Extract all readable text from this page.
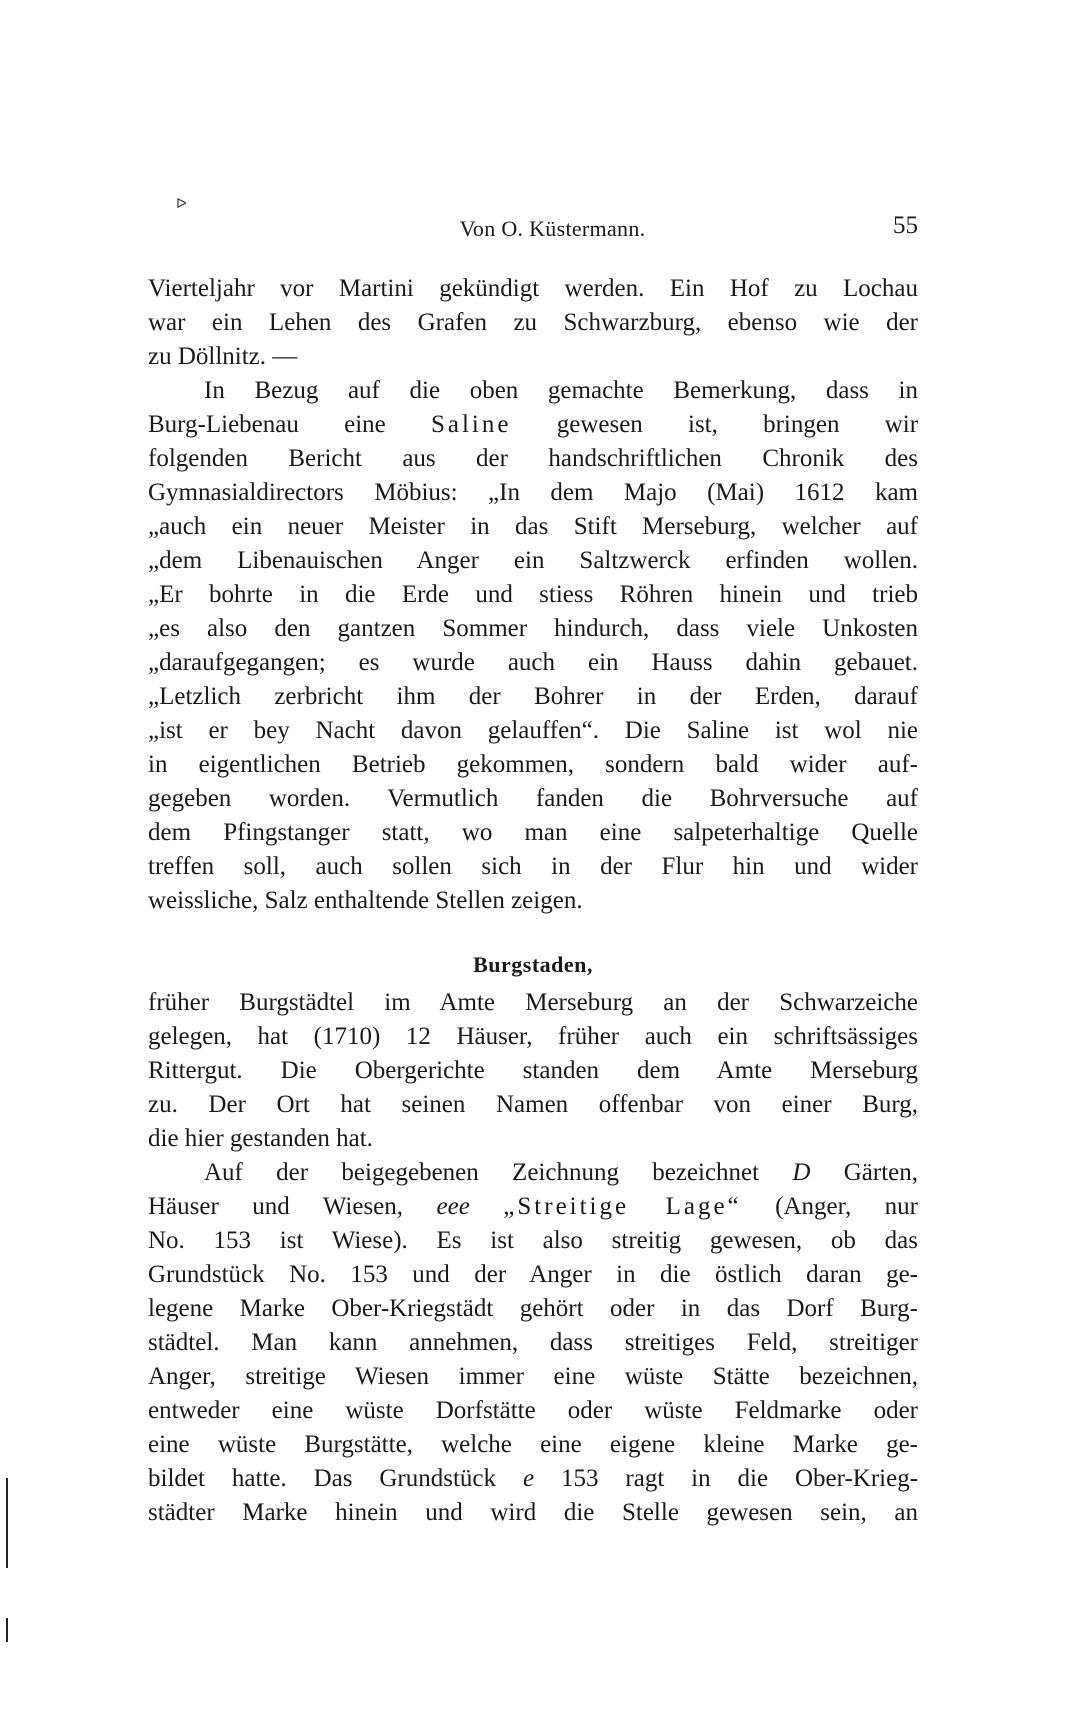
ᐅ
Von O. Küstermann.	55
Vierteljahr vor Martini gekündigt werden. Ein Hof zu Lochau
war ein Lehen des Grafen zu Schwarzburg, ebenso wie der
zu Döllnitz. —
In Bezug auf die oben gemachte Bemerkung, dass in
Burg-Liebenau eine Saline gewesen ist, bringen wir
folgenden Bericht aus der handschriftlichen Chronik des
Gymnasialdirectors Möbius: „In dem Majo (Mai) 1612 kam
„auch ein neuer Meister in das Stift Merseburg, welcher auf
„dem Libenauischen Anger ein Saltzwerck erfinden wollen.
„Er bohrte in die Erde und stiess Röhren hinein und trieb
„es also den gantzen Sommer hindurch, dass viele Unkosten
„daraufgegangen; es wurde auch ein Hauss dahin gebauet.
„Letzlich zerbricht ihm der Bohrer in der Erden, darauf
„ist er bey Nacht davon gelauffen“. Die Saline ist wol nie
in eigentlichen Betrieb gekommen, sondern bald wider auf-
gegeben worden. Vermutlich fanden die Bohrversuche auf
dem Pfingstanger statt, wo man eine salpeterhaltige Quelle
treffen soll, auch sollen sich in der Flur hin und wider
weissliche, Salz enthaltende Stellen zeigen.
Burgstaden,
früher Burgstädtel im Amte Merseburg an der Schwarzeiche
gelegen, hat (1710) 12 Häuser, früher auch ein schriftsässiges
Rittergut. Die Obergerichte standen dem Amte Merseburg
zu. Der Ort hat seinen Namen offenbar von einer Burg,
die hier gestanden hat.
Auf der beigegebenen Zeichnung bezeichnet D Gärten,
Häuser und Wiesen, eee „Streitige Lage“ (Anger, nur
No. 153 ist Wiese). Es ist also streitig gewesen, ob das
Grundstück No. 153 und der Anger in die östlich daran ge-
legene Marke Ober-Kriegstädt gehört oder in das Dorf Burg-
städtel. Man kann annehmen, dass streitiges Feld, streitiger
Anger, streitige Wiesen immer eine wüste Stätte bezeichnen,
entweder eine wüste Dorfstätte oder wüste Feldmarke oder
eine wüste Burgstätte, welche eine eigene kleine Marke ge-
bildet hatte. Das Grundstück e 153 ragt in die Ober-Krieg-
städter Marke hinein und wird die Stelle gewesen sein, an
